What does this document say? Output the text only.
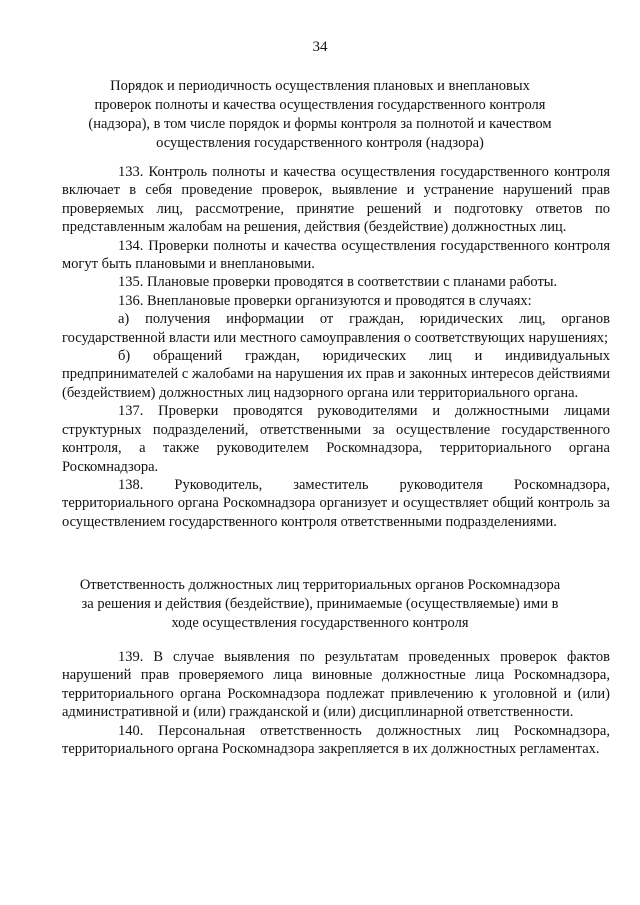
34
Порядок и периодичность осуществления плановых и внеплановых проверок полноты и качества осуществления государственного контроля (надзора), в том числе порядок и формы контроля за полнотой и качеством осуществления государственного контроля (надзора)

133. Контроль полноты и качества осуществления государственного контроля включает в себя проведение проверок, выявление и устранение нарушений прав проверяемых лиц, рассмотрение, принятие решений и подготовку ответов по представленным жалобам на решения, действия (бездействие) должностных лиц.

134. Проверки полноты и качества осуществления государственного контроля могут быть плановыми и внеплановыми.

135. Плановые проверки проводятся в соответствии с планами работы.

136. Внеплановые проверки организуются и проводятся в случаях:

а) получения информации от граждан, юридических лиц, органов государственной власти или местного самоуправления о соответствующих нарушениях;

б) обращений граждан, юридических лиц и индивидуальных предпринимателей с жалобами на нарушения их прав и законных интересов действиями (бездействием) должностных лиц надзорного органа или территориального органа.

137. Проверки проводятся руководителями и должностными лицами структурных подразделений, ответственными за осуществление государственного контроля, а также руководителем Роскомнадзора, территориального органа Роскомнадзора.

138. Руководитель, заместитель руководителя Роскомнадзора, территориального органа Роскомнадзора организует и осуществляет общий контроль за осуществлением государственного контроля ответственными подразделениями.

Ответственность должностных лиц территориальных органов Роскомнадзора за решения и действия (бездействие), принимаемые (осуществляемые) ими в ходе осуществления государственного контроля

139. В случае выявления по результатам проведенных проверок фактов нарушений прав проверяемого лица виновные должностные лица Роскомнадзора, территориального органа Роскомнадзора подлежат привлечению к уголовной и (или) административной и (или) гражданской и (или) дисциплинарной ответственности.

140. Персональная ответственность должностных лиц Роскомнадзора, территориального органа Роскомнадзора закрепляется в их должностных регламентах.
